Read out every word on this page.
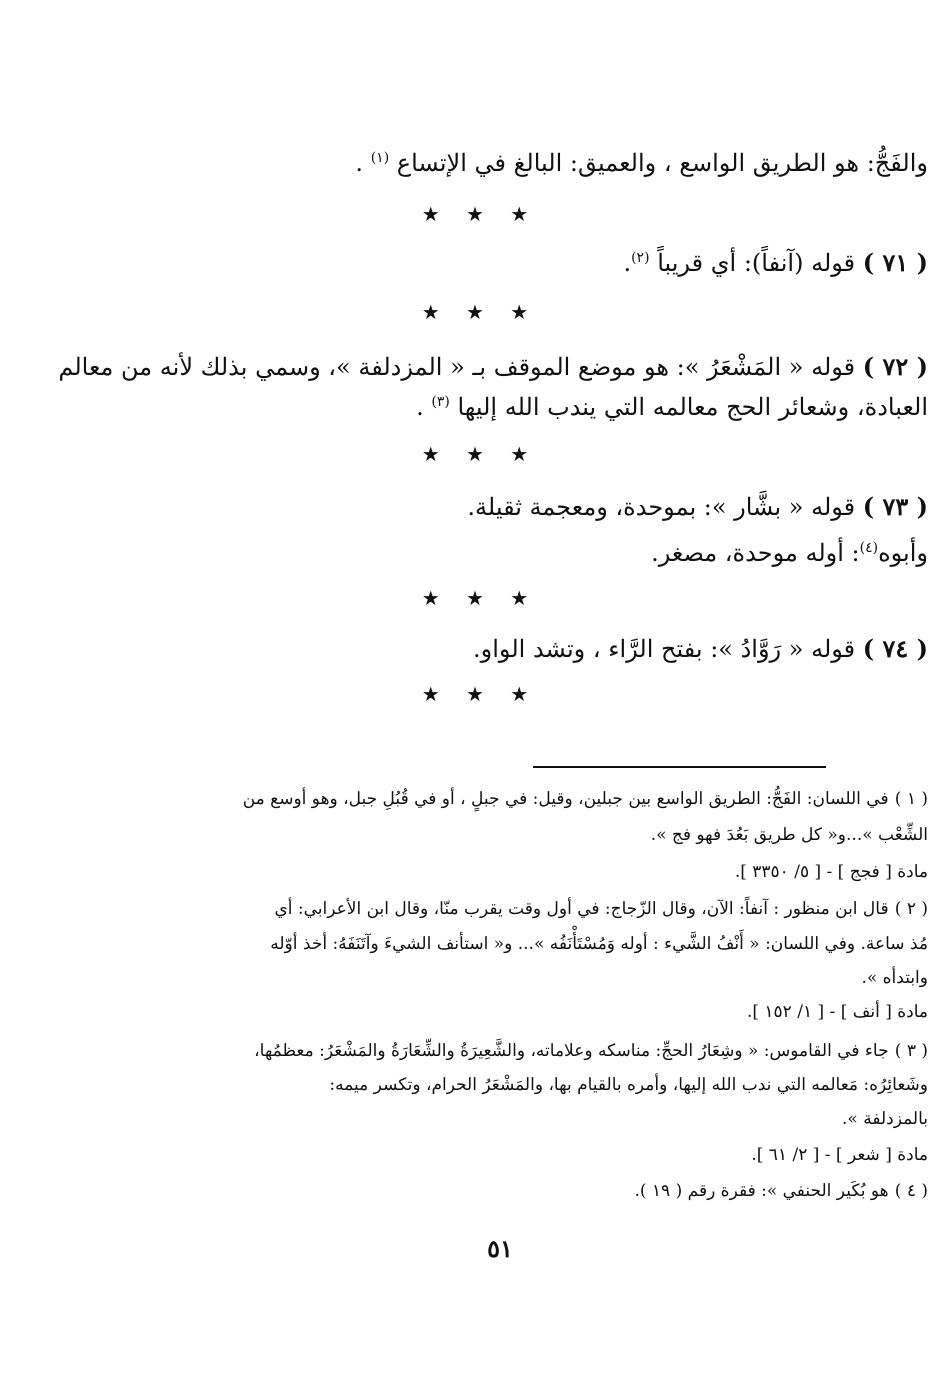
والفَجُّ: هو الطريق الواسع ، والعميق: البالغ في الإتساع $^{(١)}$ .
★ ★ ★
( ٧١ ) قوله (آنفاً): أي قريباً $^{(٢)}$.
★ ★ ★
( ٧٢ ) قوله « المَشْعَرُ »: هو موضع الموقف بـ « المزدلفة »، وسمي بذلك لأنه من معالم
العبادة، وشعائر الحج معالمه التي يندب الله إليها $^{(٣)}$ .
★ ★ ★
( ٧٣ ) قوله « بشَّار »: بموحدة، ومعجمة ثقيلة.
وأبوه$^{(٤)}$: أوله موحدة، مصغر.
★ ★ ★
( ٧٤ ) قوله « رَوَّادُ »: بفتح الرَّاء ، وتشد الواو.
★ ★ ★
( ١ ) في اللسان: الفَجُّ: الطريق الواسع بين جبلين، وقيل: في جبلٍ ، أو في قُبُلِ جبل، وهو أوسع من
الشِّعْب »...و« كل طريق بَعُدَ فهو فج ».
مادة [ فجج ] - [ ٥/ ٣٣٥٠ ].
( ٢ ) قال ابن منظور : آنفاً: الآن، وقال الزّجاج: في أول وقت يقرب منّا، وقال ابن الأعرابي: أي
مُذ ساعة. وفي اللسان: « أَنْفُ الشَّيء : أوله وَمُسْتَأْنَفُه »... و« استأنف الشيءَ وآتَنَفَهُ: أخذ أوّله
وابتدأه ».
مادة [ أنف ] - [ ١/ ١٥٢ ].
( ٣ ) جاء في القاموس: « وشِعَارُ الحجِّ: مناسكه وعلاماته، والشَّعِيرَةُ والشِّعَارَةُ والمَشْعَرُ: معظمُها،
وشَعائِرُه: مَعالمه التي ندب الله إليها، وأمره بالقيام بها، والمَشْعَرُ الحرام، وتكسر ميمه:
بالمزدلفة ».
مادة [ شعر ] - [ ٢/ ٦١ ].
( ٤ ) هو بُكَير الحنفي »: فقرة رقم ( ١٩ ).
٥١
